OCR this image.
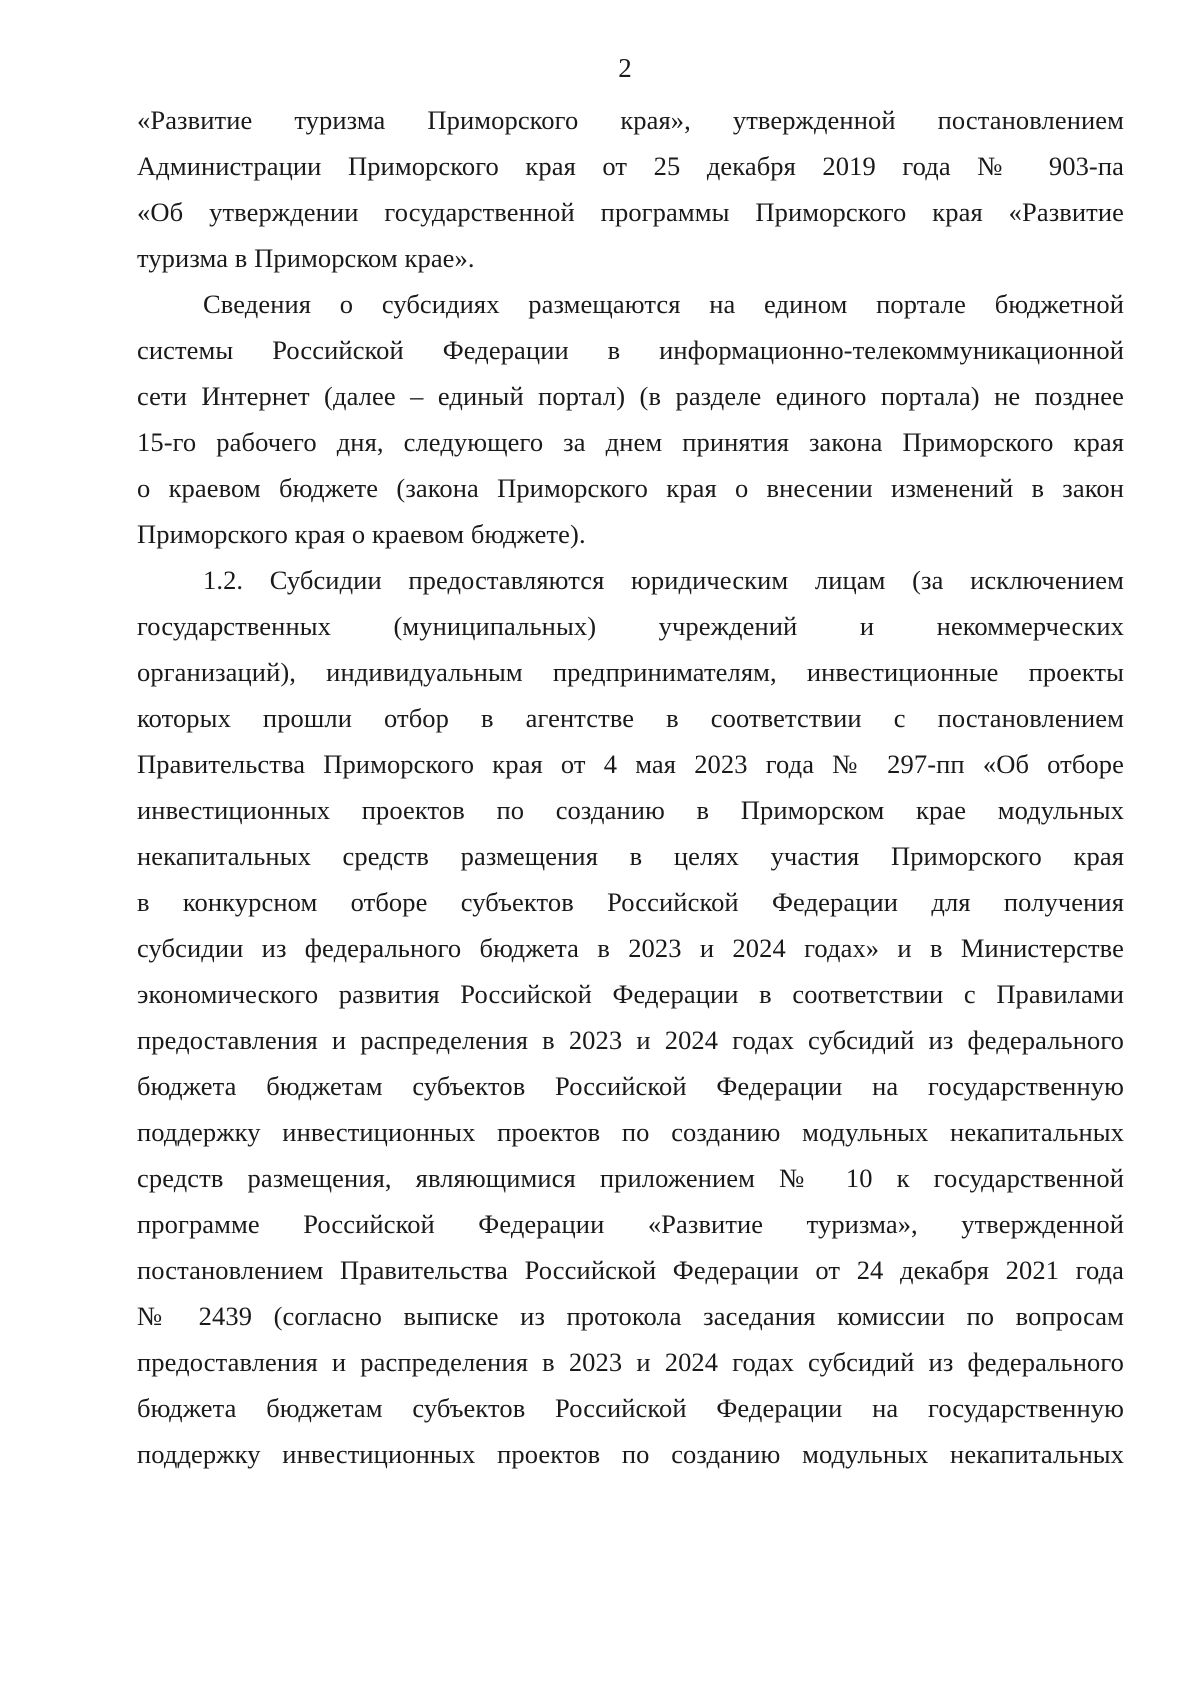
2
«Развитие туризма Приморского края», утвержденной постановлением
Администрации Приморского края от 25 декабря 2019 года № 903-па
«Об утверждении государственной программы Приморского края «Развитие
туризма в Приморском крае».
Сведения о субсидиях размещаются на едином портале бюджетной
системы Российской Федерации в информационно-телекоммуникационной
сети Интернет (далее – единый портал) (в разделе единого портала) не позднее
15-го рабочего дня, следующего за днем принятия закона Приморского края
о краевом бюджете (закона Приморского края о внесении изменений в закон
Приморского края о краевом бюджете).
1.2. Субсидии предоставляются юридическим лицам (за исключением
государственных (муниципальных) учреждений и некоммерческих
организаций), индивидуальным предпринимателям, инвестиционные проекты
которых прошли отбор в агентстве в соответствии с постановлением
Правительства Приморского края от 4 мая 2023 года № 297-пп «Об отборе
инвестиционных проектов по созданию в Приморском крае модульных
некапитальных средств размещения в целях участия Приморского края
в конкурсном отборе субъектов Российской Федерации для получения
субсидии из федерального бюджета в 2023 и 2024 годах» и в Министерстве
экономического развития Российской Федерации в соответствии с Правилами
предоставления и распределения в 2023 и 2024 годах субсидий из федерального
бюджета бюджетам субъектов Российской Федерации на государственную
поддержку инвестиционных проектов по созданию модульных некапитальных
средств размещения, являющимися приложением № 10 к государственной
программе Российской Федерации «Развитие туризма», утвержденной
постановлением Правительства Российской Федерации от 24 декабря 2021 года
№ 2439 (согласно выписке из протокола заседания комиссии по вопросам
предоставления и распределения в 2023 и 2024 годах субсидий из федерального
бюджета бюджетам субъектов Российской Федерации на государственную
поддержку инвестиционных проектов по созданию модульных некапитальных
